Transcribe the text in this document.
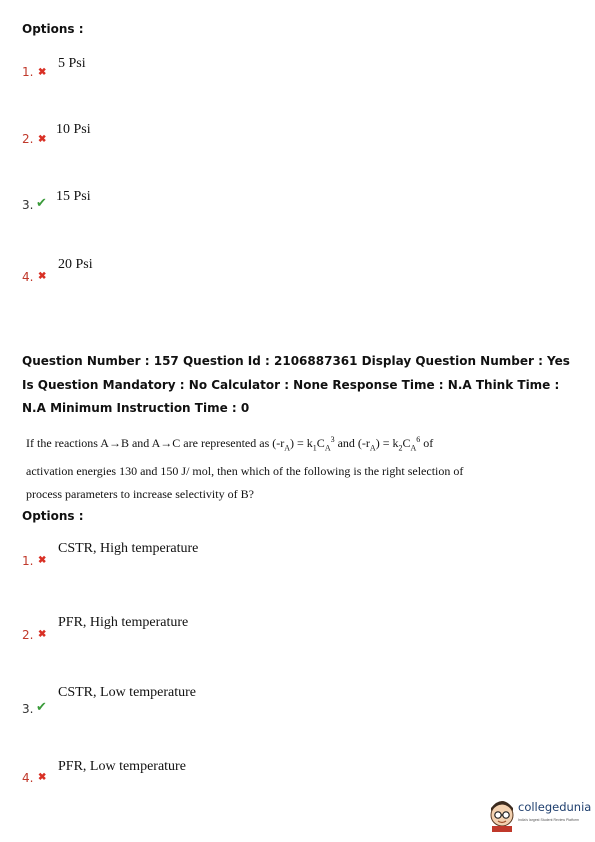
Options :
1. ✖
5 Psi
2. ✖
10 Psi
3. ✔ 15 Psi
4. ✖
20 Psi
Question Number : 157 Question Id : 2106887361 Display Question Number : Yes Is Question Mandatory : No Calculator : None Response Time : N.A Think Time : N.A Minimum Instruction Time : 0
If the reactions A→B and A→C are represented as $(-r_A) = k_1C_A^3$ and $(-r_A) = k_2C_A^6$ of activation energies 130 and 150 J/ mol, then which of the following is the right selection of process parameters to increase selectivity of B?
Options :
1. ✖
CSTR, High temperature
2. ✖
PFR, High temperature
3. ✔
CSTR, Low temperature
4. ✖
PFR, Low temperature
collegedunia
India's largest Student Review Platform
